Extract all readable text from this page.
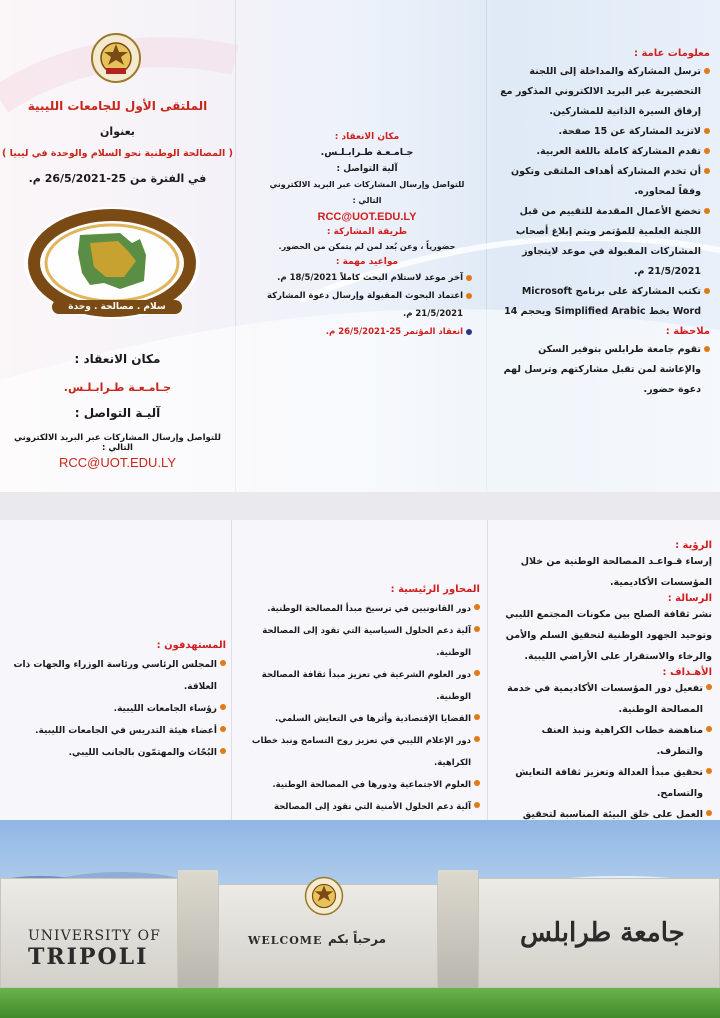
الملتقى الأول للجامعات الليبية
بعنوان
( المصالحة الوطنية نحو السلام والوحدة في ليبيا )
في الفترة من 25-26/5/2021 م.
سلام . مصالحة . وحدة
مكان الانعقاد :
جـامـعـة طـرابـلـس.
آليـة التواصل :
للتواصل وإرسال المشاركات عبر البريد الالكتروني التالي :
RCC@UOT.EDU.LY
مكان الانعقاد :
جـامـعـة طـرابـلـس.
آلية التواصل :
للتواصل وإرسال المشاركات عبر البريد الالكتروني التالي :
RCC@UOT.EDU.LY
طريقة المشاركة :
حضورياً ، وعن بُعد لمن لم يتمكن من الحضور.
مواعيد مهمة :
آخر موعد لاستلام البحث كاملاً 18/5/2021 م.
اعتماد البحوث المقبولة وإرسال دعوة المشاركة 21/5/2021 م.
انعقاد المؤتمر 25-26/5/2021 م.
معلومات عامة :
ترسل المشاركة والمداخلة إلى اللجنة التحضيرية عبر البريد الالكتروني المذكور مع إرفاق السيرة الذاتية للمشاركين.
لاتزيد المشاركة عن 15 صفحة.
تقدم المشاركة كاملة باللغة العربية.
أن تخدم المشاركة أهداف الملتقى وتكون وفقاً لمحاوره.
تخضع الأعمال المقدمة للتقييم من قبل اللجنة العلمية للمؤتمر ويتم إبلاغ أصحاب المشاركات المقبولة في موعد لايتجاوز 21/5/2021 م.
تكتب المشاركة على برنامج Microsoft Word بخط Simplified Arabic ويحجم 14
ملاحظة :
تقوم جامعة طرابلس بتوفير السكن والإعاشة لمن تقبل مشاركتهم وترسل لهم دعوة حضور.
المستهدفون :
المجلس الرئاسي ورئاسة الوزراء والجهات ذات العلاقة.
رؤساء الجامعات الليبية.
أعضاء هيئة التدريس في الجامعات الليبية.
البُحّاث والمهتمّون بالجانب الليبي.
المحاور الرئيسية :
دور القانونيين في ترسيخ مبدأ المصالحة الوطنية.
آلية دعم الحلول السياسية التي تقود إلى المصالحة الوطنية.
دور العلوم الشرعية في تعزيز مبدأ ثقافة المصالحة الوطنية.
القضايا الإقتصادية وأثرها في التعايش السلمي.
دور الإعلام الليبي في تعزيز روح التسامح ونبذ خطاب الكراهية.
العلوم الاجتماعية ودورها في المصالحة الوطنية.
آلية دعم الحلول الأمنية التي تقود إلى المصالحة
الرؤية :
إرساء قـواعـد المصالحة الوطنية من خلال المؤسسات الأكاديمية.
الرسالة :
نشر ثقافة الصلح بين مكونات المجتمع الليبي وتوحيد الجهود الوطنية لتحقيق السلم والأمن والرخاء والاستقرار على الأراضي الليبية.
الأهـداف :
تفعيل دور المؤسسات الأكاديمية في خدمة المصالحة الوطنية.
مناهضة خطاب الكراهية ونبذ العنف والتطرف.
تحقيق مبدأ العدالة وتعزيز ثقافة التعايش والتسامح.
العمل على خلق البيئة المناسبة لتحقيق
UNIVERSITY OF
TRIPOLI
WELCOME مرحباً بكم	جامعة طرابلس
